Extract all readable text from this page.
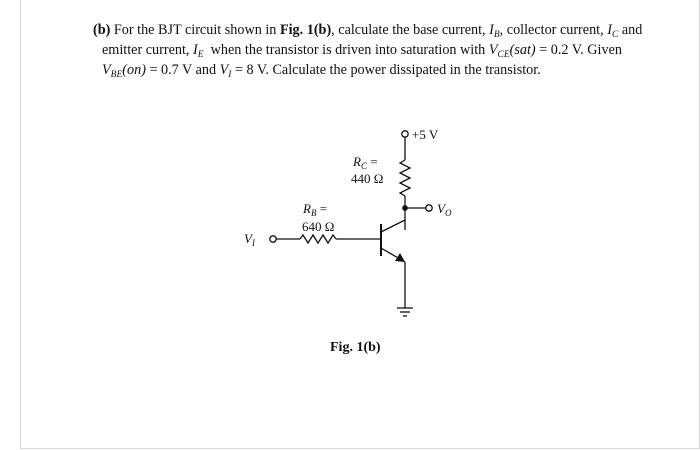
(b) For the BJT circuit shown in Fig. 1(b), calculate the base current, $I_B$, collector current, $I_C$ and
emitter current, $I_E$  when the transistor is driven into saturation with $V_{CE}(sat) = 0.2$ V. Given
$V_{BE}(on) = 0.7$ V and $V_I = 8$ V. Calculate the power dissipated in the transistor.
+5 V
$R_C$ =
440 Ω
$R_B$ =
640 Ω
$V_I$
$V_O$
Fig. 1(b)
